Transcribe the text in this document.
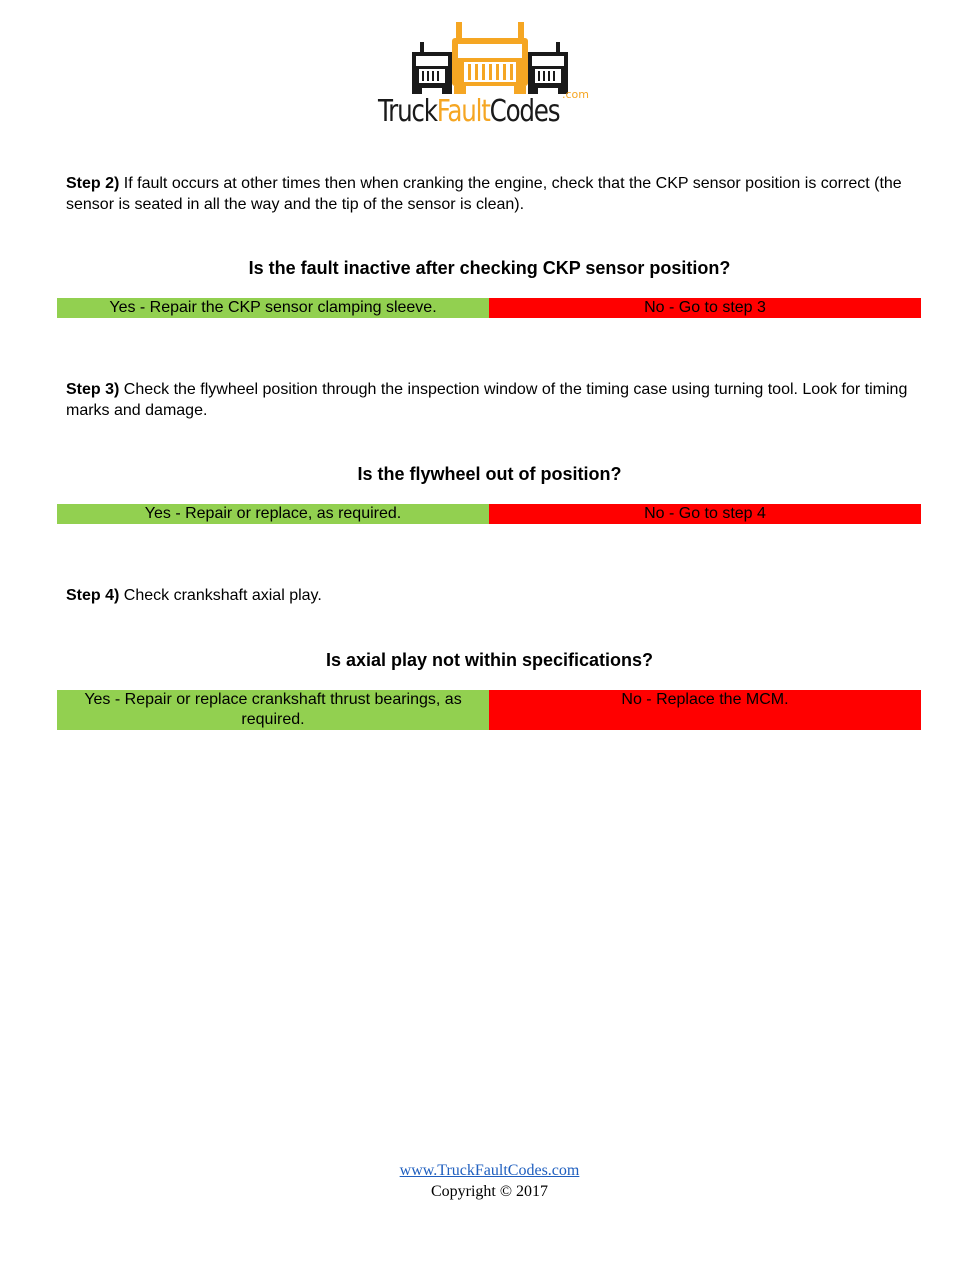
.com
TruckFaultCodes
Step 2) If fault occurs at other times then when cranking the engine, check that the CKP sensor position is correct (the sensor is seated in all the way and the tip of the sensor is clean).
Is the fault inactive after checking CKP sensor position?
Yes - Repair the CKP sensor clamping sleeve.	No - Go to step 3
Step 3) Check the flywheel position through the inspection window of the timing case using turning tool. Look for timing marks and damage.
Is the flywheel out of position?
Yes - Repair or replace, as required.	No - Go to step 4
Step 4) Check crankshaft axial play.
Is axial play not within specifications?
Yes - Repair or replace crankshaft thrust bearings, as required.
No - Replace the MCM.
www.TruckFaultCodes.com
Copyright © 2017
